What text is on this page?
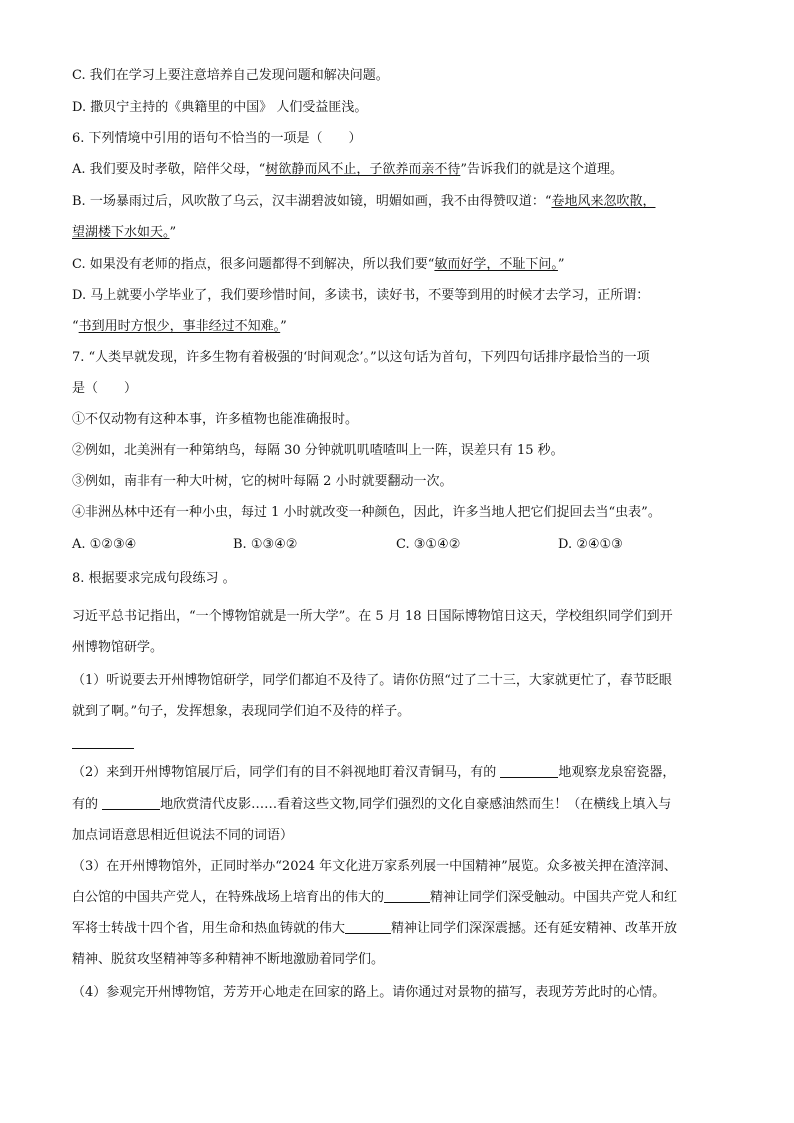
C. 我们在学习上要注意培养自己发现问题和解决问题。
D. 撒贝宁主持的《典籍里的中国》 人们受益匪浅。
6. 下列情境中引用的语句不恰当的一项是（　　）
A. 我们要及时孝敬，陪伴父母，“树欲静而风不止，子欲养而亲不待”告诉我们的就是这个道理。
B. 一场暴雨过后，风吹散了乌云，汉丰湖碧波如镜，明媚如画，我不由得赞叹道：“卷地风来忽吹散，
望湖楼下水如天。”
C. 如果没有老师的指点，很多问题都得不到解决，所以我们要“敏而好学，不耻下问。”
D. 马上就要小学毕业了，我们要珍惜时间，多读书，读好书，不要等到用的时候才去学习，正所谓：
“书到用时方恨少，事非经过不知难。”
7. “人类早就发现，许多生物有着极强的‘时间观念’。”以这句话为首句，下列四句话排序最恰当的一项
是（　　）
①不仅动物有这种本事，许多植物也能准确报时。
②例如，北美洲有一种第纳鸟，每隔 30 分钟就叽叽喳喳叫上一阵，误差只有 15 秒。
③例如，南非有一种大叶树，它的树叶每隔 2 小时就要翻动一次。
④非洲丛林中还有一种小虫，每过 1 小时就改变一种颜色，因此，许多当地人把它们捉回去当“虫表”。
A. ①②③④	B. ①③④②	C. ③①④②	D. ②④①③
8. 根据要求完成句段练习 。
习近平总书记指出，“一个博物馆就是一所大学”。在 5 月 18 日国际博物馆日这天，学校组织同学们到开
州博物馆研学。
（1）听说要去开州博物馆研学，同学们都迫不及待了。请你仿照“过了二十三，大家就更忙了，春节眨眼
就到了啊。”句子，发挥想象，表现同学们迫不及待的样子。
（2）来到开州博物馆展厅后，同学们有的目不斜视地盯着汉青铜马，有的	地观察龙泉窑瓷器，
有的	地欣赏清代皮影……看着这些文物,同学们强烈的文化自豪感油然而生！（在横线上填入与
加点词语意思相近但说法不同的词语）
（3）在开州博物馆外，正同时举办“2024 年文化进万家系列展一中国精神”展览。众多被关押在渣滓洞、
白公馆的中国共产党人，在特殊战场上培育出的伟大的	精神让同学们深受触动。中国共产党人和红
军将士转战十四个省，用生命和热血铸就的伟大	精神让同学们深深震撼。还有延安精神、改革开放
精神、脱贫攻坚精神等多种精神不断地激励着同学们。
（4）参观完开州博物馆，芳芳开心地走在回家的路上。请你通过对景物的描写，表现芳芳此时的心情。
